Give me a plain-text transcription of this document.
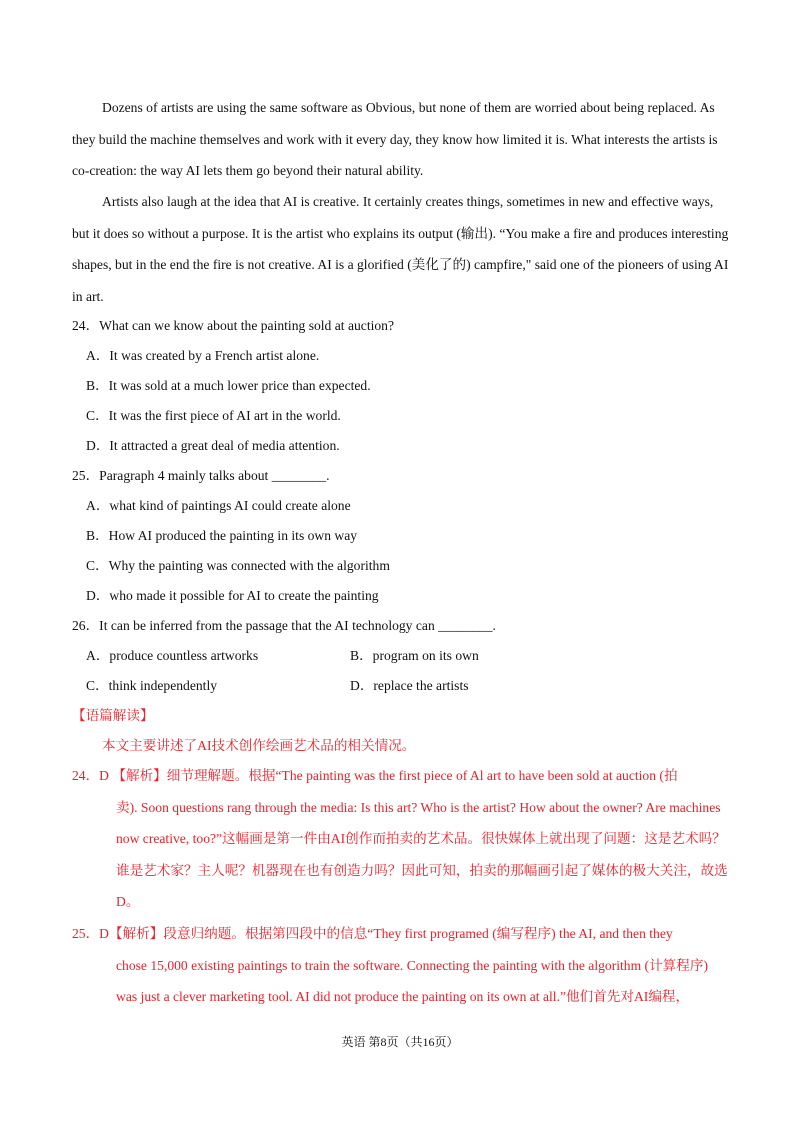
Dozens of artists are using the same software as Obvious, but none of them are worried about being replaced. As they build the machine themselves and work with it every day, they know how limited it is. What interests the artists is co-creation: the way AI lets them go beyond their natural ability.

Artists also laugh at the idea that AI is creative. It certainly creates things, sometimes in new and effective ways, but it does so without a purpose. It is the artist who explains its output (输出). “You make a fire and produces interesting shapes, but in the end the fire is not creative. AI is a glorified (美化了的) campfire," said one of the pioneers of using AI in art.

24．What can we know about the painting sold at auction?
A．It was created by a French artist alone.
B．It was sold at a much lower price than expected.
C．It was the first piece of AI art in the world.
D．It attracted a great deal of media attention.
25．Paragraph 4 mainly talks about ________.
A．what kind of paintings AI could create alone
B．How AI produced the painting in its own way
C．Why the painting was connected with the algorithm
D．who made it possible for AI to create the painting
26．It can be inferred from the passage that the AI technology can ________.
A．produce countless artworks	B．program on its own
C．think independently	D．replace the artists
【语篇解读】
本文主要讲述了AI技术创作绘画艺术品的相关情况。
24．D 【解析】细节理解题。根据“The painting was the first piece of Al art to have been sold at auction (拍
卖). Soon questions rang through the media: Is this art? Who is the artist? How about the owner? Are machines now creative, too?”这幅画是第一件由AI创作而拍卖的艺术品。很快媒体上就出现了问题：这是艺术吗？谁是艺术家？主人呢？机器现在也有创造力吗？因此可知，拍卖的那幅画引起了媒体的极大关注，故选D。
25．D【解析】段意归纳题。根据第四段中的信息“They first programed (编写程序) the AI, and then they
chose 15,000 existing paintings to train the software. Connecting the painting with the algorithm (计算程序) was just a clever marketing tool. AI did not produce the painting on its own at all.”他们首先对AI编程，
英语 第8页（共16页）
